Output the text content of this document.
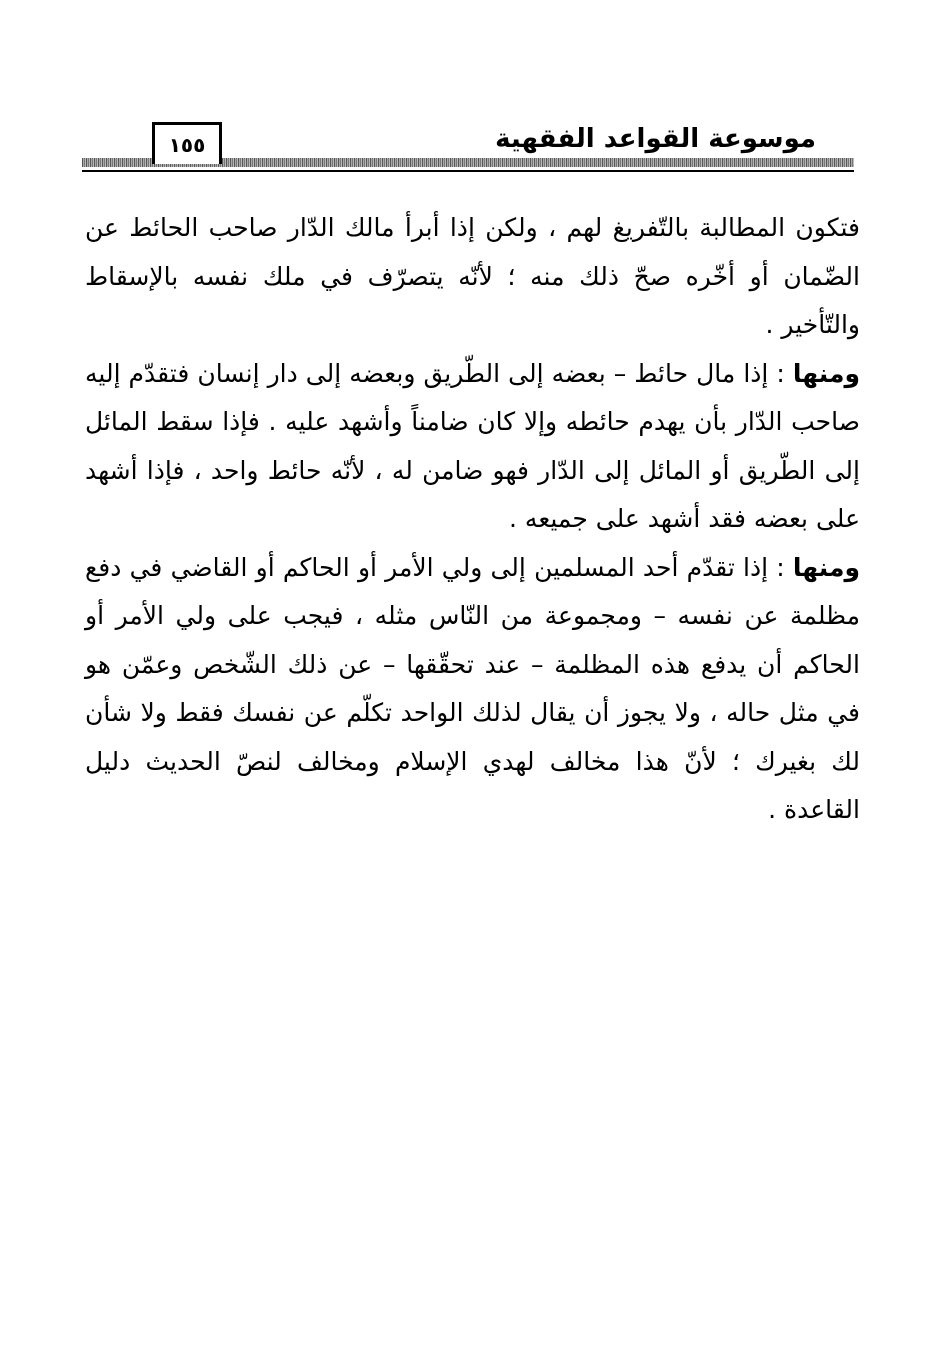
١٥٥	موسوعة القواعد الفقهية

فتكون المطالبة بالتّفريغ لهم ، ولكن إذا أبرأ مالك الدّار صاحب الحائط عن الضّمان أو أخّره صحّ ذلك منه ؛ لأنّه يتصرّف في ملك نفسه بالإسقاط والتّأخير .

ومنها : إذا مال حائط – بعضه إلى الطّريق وبعضه إلى دار إنسان فتقدّم إليه صاحب الدّار بأن يهدم حائطه وإلا كان ضامناً وأشهد عليه . فإذا سقط المائل إلى الطّريق أو المائل إلى الدّار فهو ضامن له ، لأنّه حائط واحد ، فإذا أشهد على بعضه فقد أشهد على جميعه .

ومنها : إذا تقدّم أحد المسلمين إلى ولي الأمر أو الحاكم أو القاضي في دفع مظلمة عن نفسه – ومجموعة من النّاس مثله ، فيجب على ولي الأمر أو الحاكم أن يدفع هذه المظلمة – عند تحقّقها – عن ذلك الشّخص وعمّن هو في مثل حاله ، ولا يجوز أن يقال لذلك الواحد تكلّم عن نفسك فقط ولا شأن لك بغيرك ؛ لأنّ هذا مخالف لهدي الإسلام ومخالف لنصّ الحديث دليل القاعدة .
